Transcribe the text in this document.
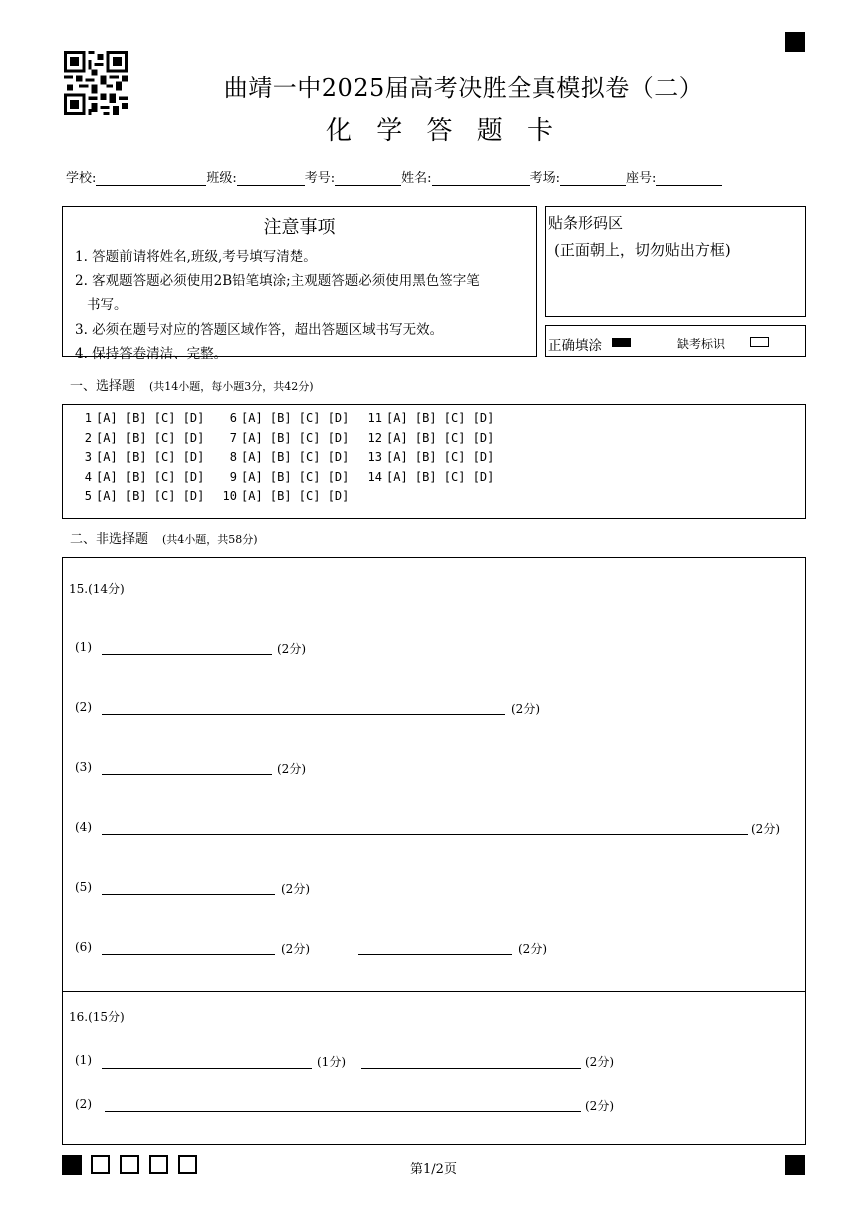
曲靖一中2025届高考决胜全真模拟卷（二）
化 学 答 题 卡
学校:	班级:	考号:	姓名:	考场:	座号:
注意事项
1. 答题前请将姓名,班级,考号填写清楚。
2. 客观题答题必须使用2B铅笔填涂;主观题答题必须使用黑色签字笔
书写。
3. 必须在题号对应的答题区域作答，超出答题区域书写无效。
4. 保持答卷清洁、完整。
贴条形码区
(正面朝上，切勿贴出方框)
正确填涂	缺考标识
一、选择题 (共14小题，每小题3分，共42分)
1 [A] [B] [C] [D] 6 [A] [B] [C] [D] 11 [A] [B] [C] [D]
2 [A] [B] [C] [D] 7 [A] [B] [C] [D] 12 [A] [B] [C] [D]
3 [A] [B] [C] [D] 8 [A] [B] [C] [D] 13 [A] [B] [C] [D]
4 [A] [B] [C] [D] 9 [A] [B] [C] [D] 14 [A] [B] [C] [D]
5 [A] [B] [C] [D] 10 [A] [B] [C] [D]
二、非选择题 (共4小题，共58分)
15.(14分)
(1)	(2分)
(2)	(2分)
(3)	(2分)
(4)	(2分)
(5)	(2分)
(6)	(2分)	(2分)
16.(15分)
(1)	(1分)	(2分)
(2)	(2分)
第1/2页
